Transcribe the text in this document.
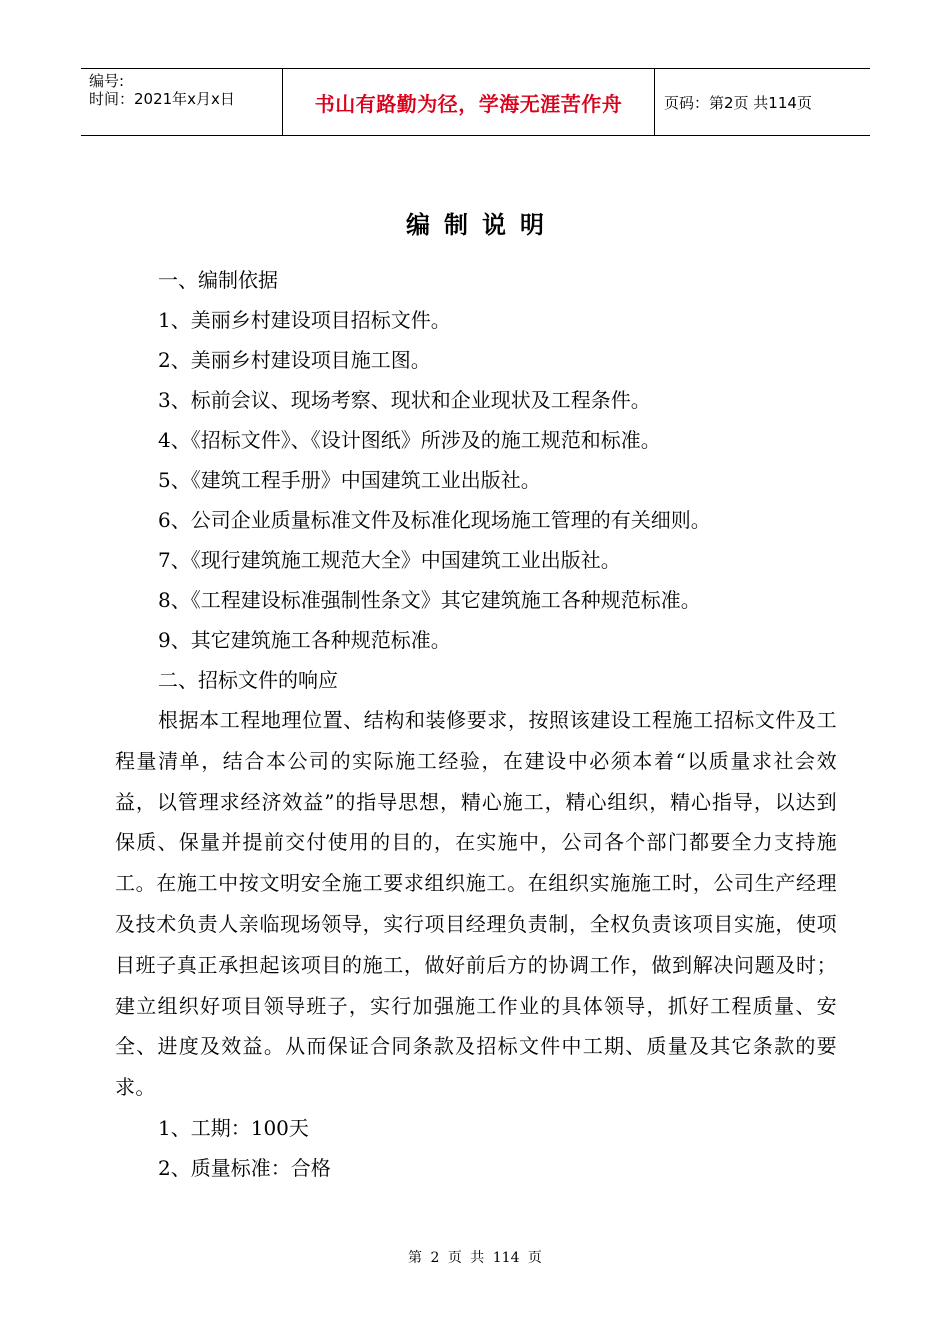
编号:
时间：2021年x月x日	书山有路勤为径，学海无涯苦作舟	页码：第2页 共114页
编制说明
一、编制依据
1、美丽乡村建设项目招标文件。
2、美丽乡村建设项目施工图。
3、标前会议、现场考察、现状和企业现状及工程条件。
4、《招标文件》、《设计图纸》所涉及的施工规范和标准。
5、《建筑工程手册》中国建筑工业出版社。
6、公司企业质量标准文件及标准化现场施工管理的有关细则。
7、《现行建筑施工规范大全》中国建筑工业出版社。
8、《工程建设标准强制性条文》其它建筑施工各种规范标准。
9、其它建筑施工各种规范标准。
二、招标文件的响应
根据本工程地理位置、结构和装修要求，按照该建设工程施工招标文件及工程量清单，结合本公司的实际施工经验，在建设中必须本着“以质量求社会效益，以管理求经济效益”的指导思想，精心施工，精心组织，精心指导，以达到保质、保量并提前交付使用的目的，在实施中，公司各个部门都要全力支持施工。在施工中按文明安全施工要求组织施工。在组织实施施工时，公司生产经理及技术负责人亲临现场领导，实行项目经理负责制，全权负责该项目实施，使项目班子真正承担起该项目的施工，做好前后方的协调工作，做到解决问题及时；建立组织好项目领导班子，实行加强施工作业的具体领导，抓好工程质量、安全、进度及效益。从而保证合同条款及招标文件中工期、质量及其它条款的要求。
1、工期：100天
2、质量标准：合格
第 2 页 共 114 页
